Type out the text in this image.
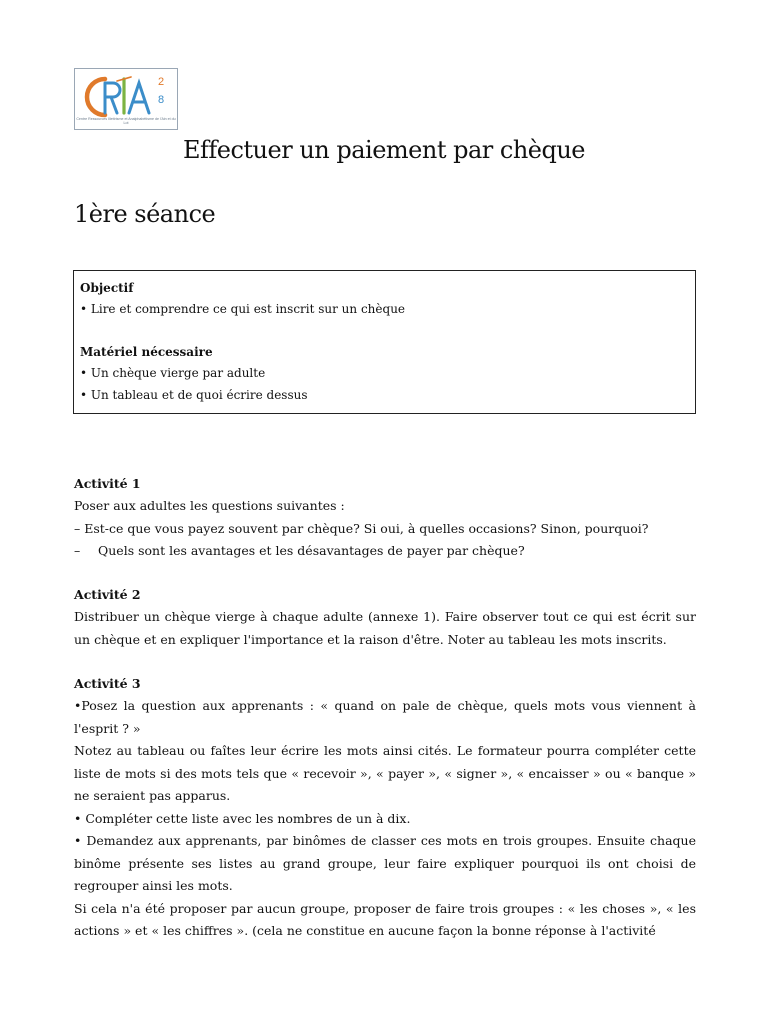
2
8
Centre Ressources Illettrisme et Analphabétisme de l'Ain et du Lot
Effectuer un paiement par chèque
1ère séance

Objectif

• Lire et comprendre ce qui est inscrit sur un chèque

Matériel nécessaire

• Un chèque vierge par adulte

• Un tableau et de quoi écrire dessus

Activité 1

Poser aux adultes les questions suivantes :

– Est-ce que vous payez souvent par chèque? Si oui, à quelles occasions? Sinon, pourquoi?

–	Quels sont les avantages et les désavantages de payer par chèque?

Activité 2

Distribuer un chèque vierge à chaque adulte (annexe 1). Faire observer tout ce qui est écrit sur un chèque et en expliquer l'importance et la raison d'être. Noter au tableau les mots inscrits.

Activité 3

•Posez la question aux apprenants : « quand on pale de chèque, quels mots vous viennent à l'esprit ? »

Notez au tableau ou faîtes leur écrire les mots ainsi cités. Le formateur pourra compléter cette liste de mots si des mots tels que « recevoir », « payer », « signer », « encaisser » ou « banque » ne seraient pas apparus.

• Compléter cette liste avec les nombres de un à dix.

• Demandez aux apprenants, par binômes de classer ces mots en trois groupes. Ensuite chaque binôme présente ses listes au grand groupe, leur faire expliquer pourquoi ils ont choisi de regrouper ainsi les mots.

Si cela n'a été proposer par aucun groupe, proposer de faire trois groupes : « les choses », « les actions » et « les chiffres ». (cela ne constitue en aucune façon la bonne réponse à l'activité
